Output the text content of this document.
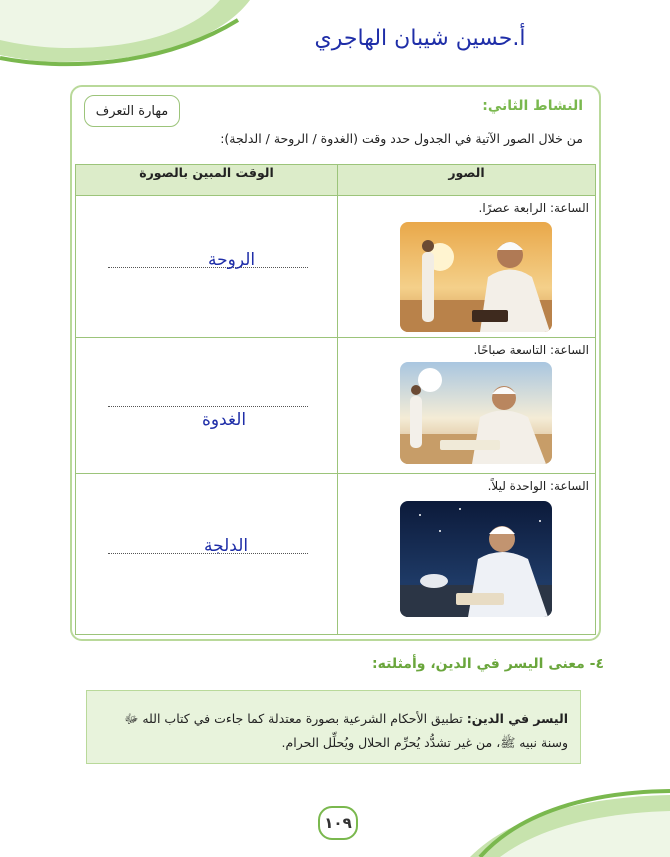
أ.حسين شيبان الهاجري
مهارة التعرف	النشاط الثاني:
من خلال الصور الآتية في الجدول حدد وقت (الغدوة / الروحة / الدلجة):
الصور	الوقت المبين بالصورة

الساعة: الرابعة عصرًا.	الروحة

الساعة: التاسعة صباحًا.	الغدوة

الساعة: الواحدة ليلاً.	الدلجة
٤- معنى اليسر في الدين، وأمثلته:
اليسر في الدين: تطبيق الأحكام الشرعية بصورة معتدلة كما جاءت في كتاب الله ﷻ وسنة نبيه ﷺ، من غير تشدُّد يُحرِّم الحلال ويُحلِّل الحرام.
١٠٩
